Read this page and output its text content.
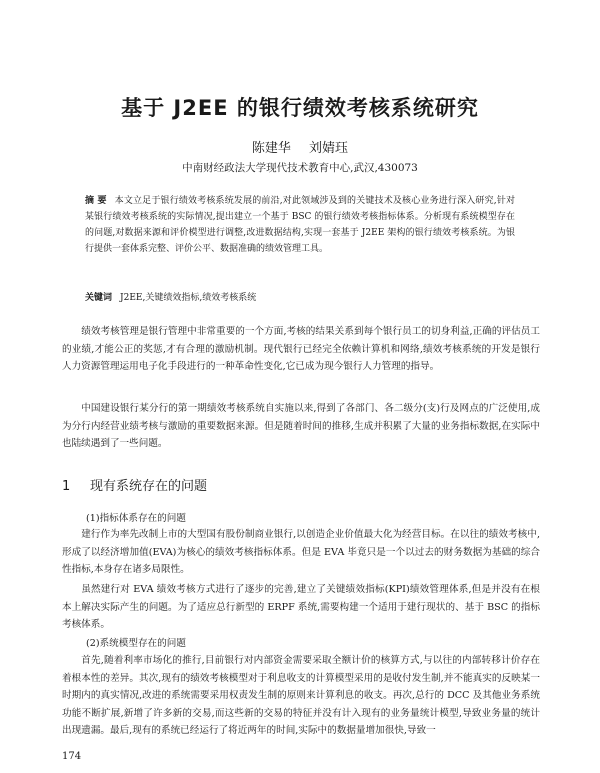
基于 J2EE 的银行绩效考核系统研究
陈建华 刘婧珏
中南财经政法大学现代技术教育中心,武汉,430073
摘 要 本文立足于银行绩效考核系统发展的前沿,对此领域涉及到的关键技术及核心业务进行深入研究,针对某银行绩效考核系统的实际情况,提出建立一个基于 BSC 的银行绩效考核指标体系。分析现有系统模型存在的问题,对数据来源和评价模型进行调整,改进数据结构,实现一套基于 J2EE 架构的银行绩效考核系统。为银行提供一套体系完整、评价公平、数据准确的绩效管理工具。
关键词 J2EE,关键绩效指标,绩效考核系统

绩效考核管理是银行管理中非常重要的一个方面,考核的结果关系到每个银行员工的切身利益,正确的评估员工的业绩,才能公正的奖惩,才有合理的激励机制。现代银行已经完全依赖计算机和网络,绩效考核系统的开发是银行人力资源管理运用电子化手段进行的一种革命性变化,它已成为现今银行人力管理的指导。

中国建设银行某分行的第一期绩效考核系统自实施以来,得到了各部门、各二级分(支)行及网点的广泛使用,成为分行内经营业绩考核与激励的重要数据来源。但是随着时间的推移,生成并积累了大量的业务指标数据,在实际中也陆续遇到了一些问题。

1 现有系统存在的问题
(1)指标体系存在的问题

建行作为率先改制上市的大型国有股份制商业银行,以创造企业价值最大化为经营目标。在以往的绩效考核中,形成了以经济增加值(EVA)为核心的绩效考核指标体系。但是 EVA 毕竟只是一个以过去的财务数据为基础的综合性指标,本身存在诸多局限性。

虽然建行对 EVA 绩效考核方式进行了逐步的完善,建立了关键绩效指标(KPI)绩效管理体系,但是并没有在根本上解决实际产生的问题。为了适应总行新型的 ERPF 系统,需要构建一个适用于建行现状的、基于 BSC 的指标考核体系。

(2)系统模型存在的问题

首先,随着利率市场化的推行,目前银行对内部资金需要采取全额计价的核算方式,与以往的内部转移计价存在着根本性的差异。其次,现有的绩效考核模型对于利息收支的计算模型采用的是收付发生制,并不能真实的反映某一时期内的真实情况,改进的系统需要采用权责发生制的原则来计算利息的收支。再次,总行的 DCC 及其他业务系统功能不断扩展,新增了许多新的交易,而这些新的交易的特征并没有计入现有的业务量统计模型,导致业务量的统计出现遗漏。最后,现有的系统已经运行了将近两年的时间,实际中的数据量增加很快,导致一

174
